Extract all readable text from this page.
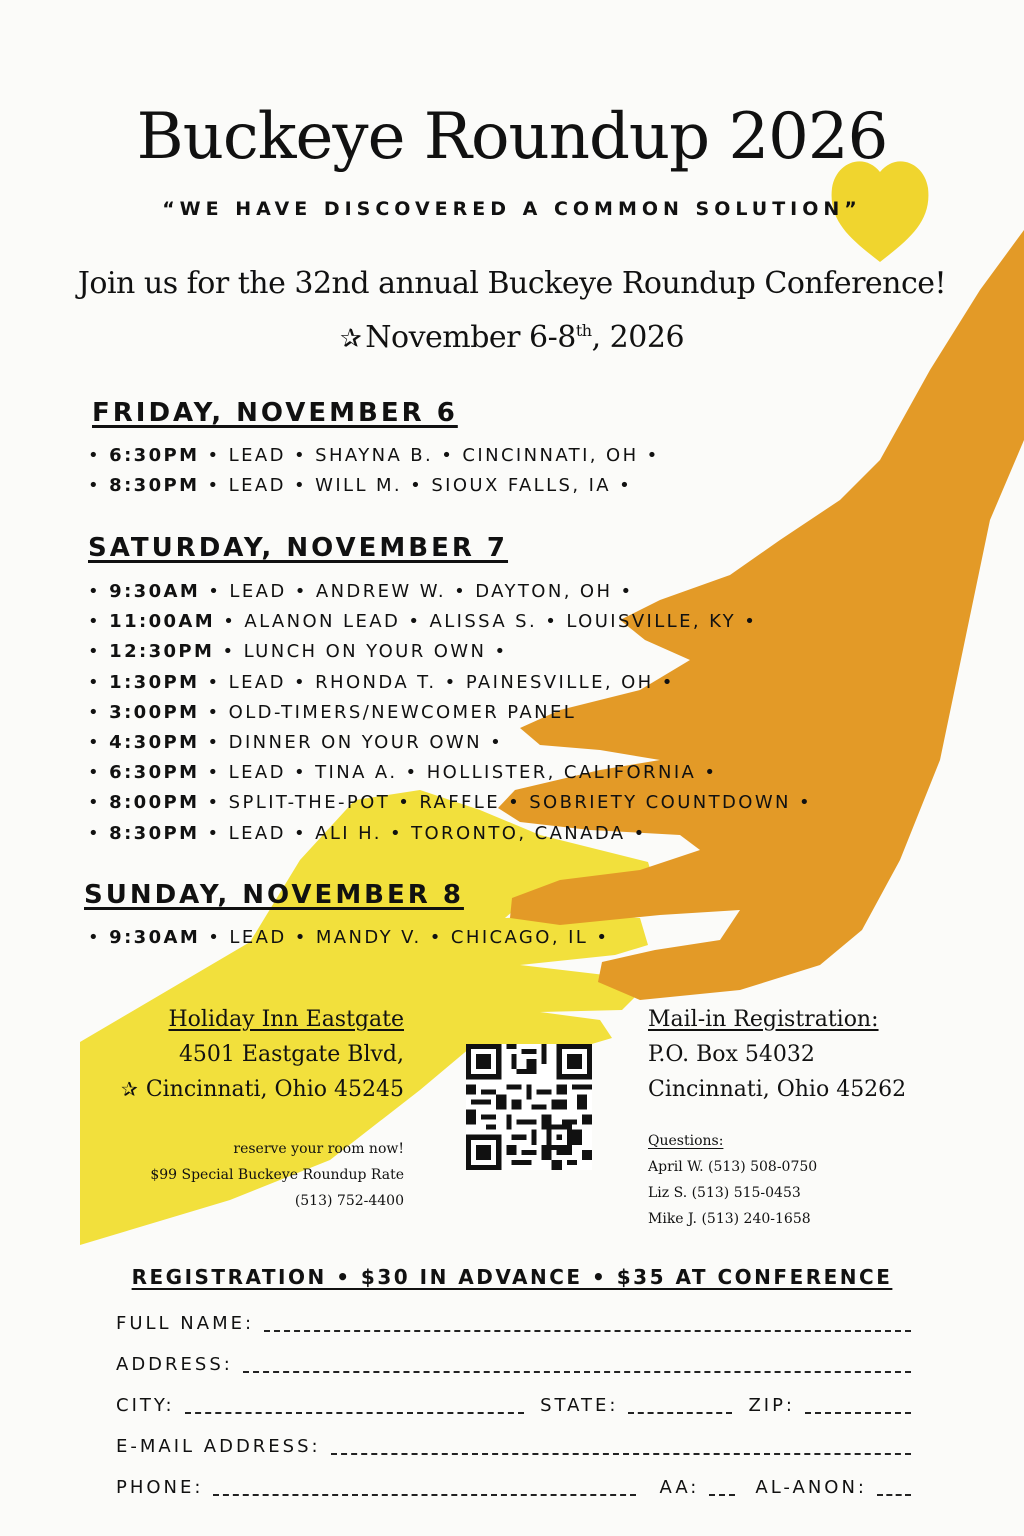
Buckeye Roundup 2026
“WE HAVE DISCOVERED A COMMON SOLUTION”
Join us for the 32nd annual Buckeye Roundup Conference!
✰ November 6-8th, 2026
FRIDAY, NOVEMBER 6
• 6:30PM • LEAD • SHAYNA B. • CINCINNATI, OH •
• 8:30PM • LEAD • WILL M. • SIOUX FALLS, IA •
SATURDAY, NOVEMBER 7
• 9:30AM • LEAD • ANDREW W. • DAYTON, OH •
• 11:00AM • ALANON LEAD • ALISSA S. • LOUISVILLE, KY •
• 12:30PM • LUNCH ON YOUR OWN •
• 1:30PM • LEAD • RHONDA T. • PAINESVILLE, OH •
• 3:00PM • OLD-TIMERS/NEWCOMER PANEL
• 4:30PM • DINNER ON YOUR OWN •
• 6:30PM • LEAD • TINA A. • HOLLISTER, CALIFORNIA •
• 8:00PM • SPLIT-THE-POT • RAFFLE • SOBRIETY COUNTDOWN •
• 8:30PM • LEAD • ALI H. • TORONTO, CANADA •
SUNDAY, NOVEMBER 8
• 9:30AM • LEAD • MANDY V. • CHICAGO, IL •
Holiday Inn Eastgate
4501 Eastgate Blvd,
✰ Cincinnati, Ohio 45245
reserve your room now!
$99 Special Buckeye Roundup Rate
(513) 752-4400
Mail-in Registration:
P.O. Box 54032
Cincinnati, Ohio 45262
Questions:
April W. (513) 508-0750
Liz S. (513) 515-0453
Mike J. (513) 240-1658
REGISTRATION • $30 IN ADVANCE • $35 AT CONFERENCE
FULL NAME:
ADDRESS:
CITY:	STATE:	ZIP:
E-MAIL ADDRESS:
PHONE:	AA:	AL-ANON:
